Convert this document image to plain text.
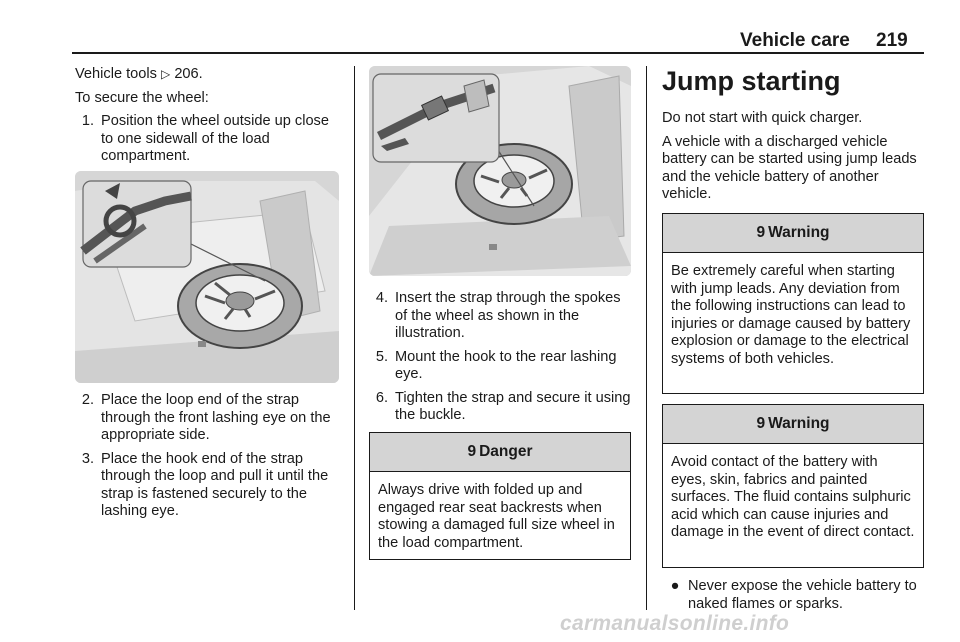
Vehicle care 219

Vehicle tools ▷ 206.

To secure the wheel:

1. Position the wheel outside up close to one sidewall of the load compartment.
2. Place the loop end of the strap through the front lashing eye on the appropriate side.
3. Place the hook end of the strap through the loop and pull it until the strap is fastened securely to the lashing eye.
4. Insert the strap through the spokes of the wheel as shown in the illustration.
5. Mount the hook to the rear lashing eye.
6. Tighten the strap and secure it using the buckle.
9 Danger
Always drive with folded up and engaged rear seat backrests when stowing a damaged full size wheel in the load compartment.
Jump starting

Do not start with quick charger.

A vehicle with a discharged vehicle battery can be started using jump leads and the vehicle battery of another vehicle.

9 Warning
Be extremely careful when starting with jump leads. Any deviation from the following instructions can lead to injuries or damage caused by battery explosion or damage to the electrical systems of both vehicles.
9 Warning
Avoid contact of the battery with eyes, skin, fabrics and painted surfaces. The fluid contains sulphuric acid which can cause injuries and damage in the event of direct contact.
● Never expose the vehicle battery to naked flames or sparks.
carmanualsonline.info
